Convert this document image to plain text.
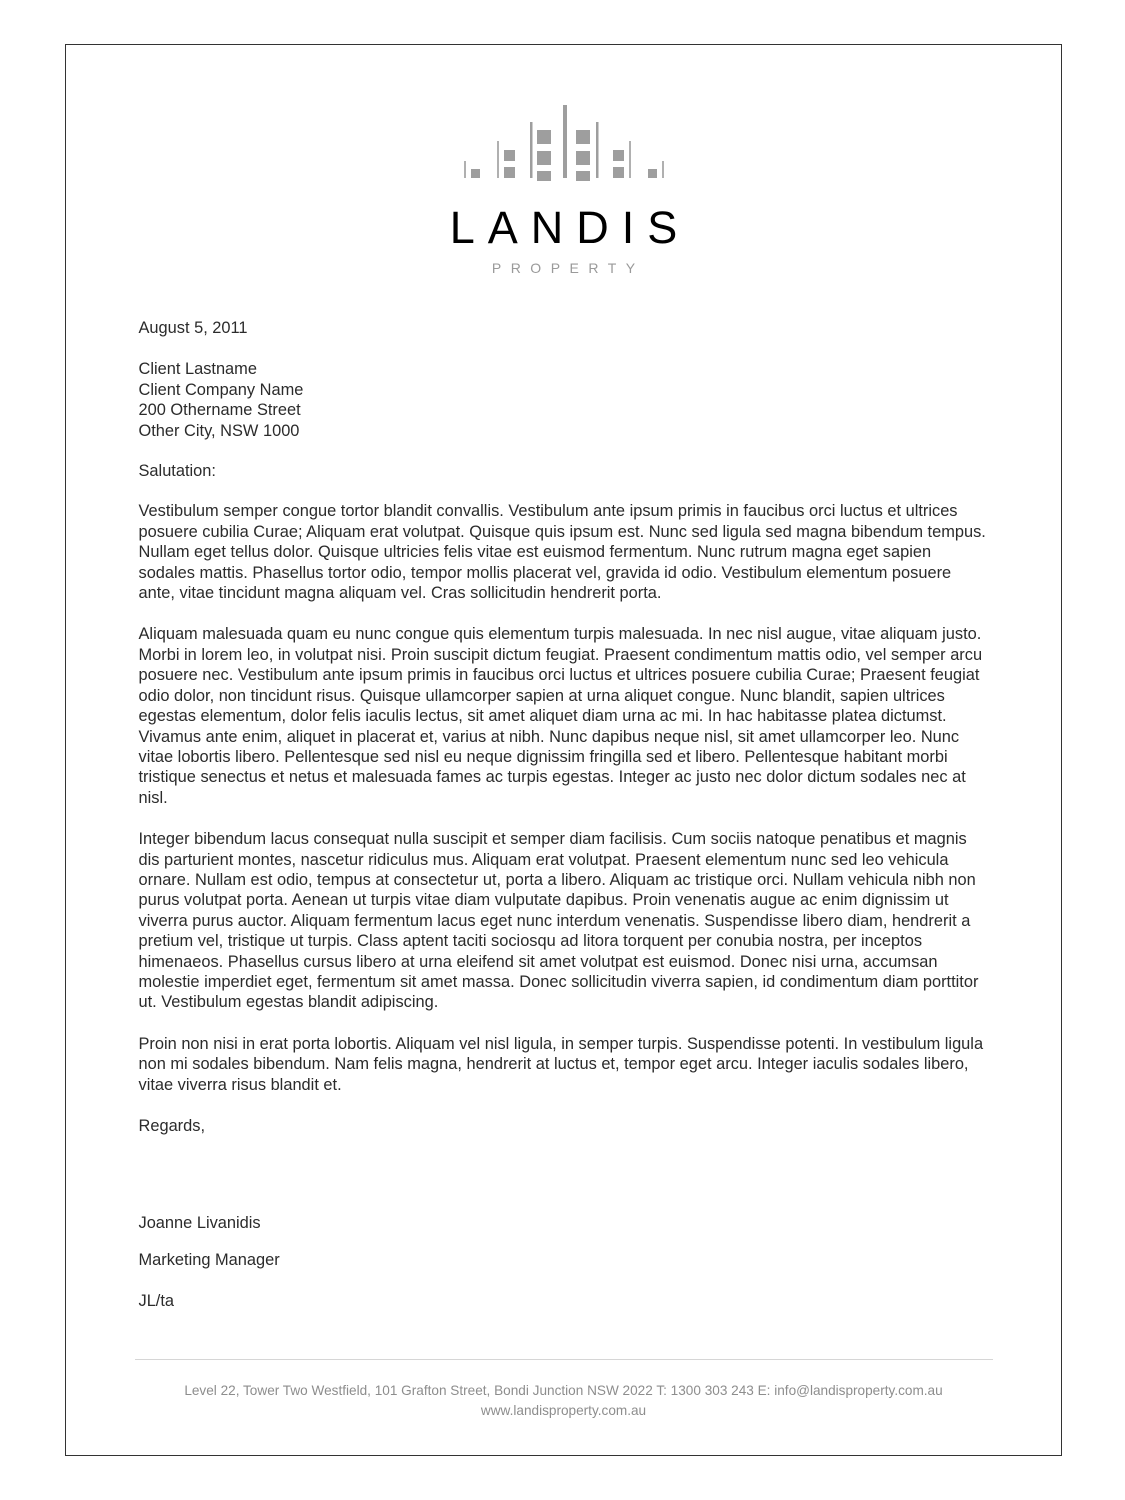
LANDIS
PROPERTY
August 5, 2011

Client Lastname

Client Company Name

200 Othername Street

Other City, NSW 1000

Salutation:

Vestibulum semper congue tortor blandit convallis. Vestibulum ante ipsum primis in faucibus orci luctus et ultrices posuere cubilia Curae; Aliquam erat volutpat. Quisque quis ipsum est. Nunc sed ligula sed magna bibendum tempus. Nullam eget tellus dolor. Quisque ultricies felis vitae est euismod fermentum. Nunc rutrum magna eget sapien sodales mattis. Phasellus tortor odio, tempor mollis placerat vel, gravida id odio. Vestibulum elementum posuere ante, vitae tincidunt magna aliquam vel. Cras sollicitudin hendrerit porta.

Aliquam malesuada quam eu nunc congue quis elementum turpis malesuada. In nec nisl augue, vitae aliquam justo. Morbi in lorem leo, in volutpat nisi. Proin suscipit dictum feugiat. Praesent condimentum mattis odio, vel semper arcu posuere nec. Vestibulum ante ipsum primis in faucibus orci luctus et ultrices posuere cubilia Curae; Praesent feugiat odio dolor, non tincidunt risus. Quisque ullamcorper sapien at urna aliquet congue. Nunc blandit, sapien ultrices egestas elementum, dolor felis iaculis lectus, sit amet aliquet diam urna ac mi. In hac habitasse platea dictumst. Vivamus ante enim, aliquet in placerat et, varius at nibh. Nunc dapibus neque nisl, sit amet ullamcorper leo. Nunc vitae lobortis libero. Pellentesque sed nisl eu neque dignissim fringilla sed et libero. Pellentesque habitant morbi tristique senectus et netus et malesuada fames ac turpis egestas. Integer ac justo nec dolor dictum sodales nec at nisl.

Integer bibendum lacus consequat nulla suscipit et semper diam facilisis. Cum sociis natoque penatibus et magnis dis parturient montes, nascetur ridiculus mus. Aliquam erat volutpat. Praesent elementum nunc sed leo vehicula ornare. Nullam est odio, tempus at consectetur ut, porta a libero. Aliquam ac tristique orci. Nullam vehicula nibh non purus volutpat porta. Aenean ut turpis vitae diam vulputate dapibus. Proin venenatis augue ac enim dignissim ut viverra purus auctor. Aliquam fermentum lacus eget nunc interdum venenatis. Suspendisse libero diam, hendrerit a pretium vel, tristique ut turpis. Class aptent taciti sociosqu ad litora torquent per conubia nostra, per inceptos himenaeos. Phasellus cursus libero at urna eleifend sit amet volutpat est euismod. Donec nisi urna, accumsan molestie imperdiet eget, fermentum sit amet massa. Donec sollicitudin viverra sapien, id condimentum diam porttitor ut. Vestibulum egestas blandit adipiscing.

Proin non nisi in erat porta lobortis. Aliquam vel nisl ligula, in semper turpis. Suspendisse potenti. In vestibulum ligula non mi sodales bibendum. Nam felis magna, hendrerit at luctus et, tempor eget arcu. Integer iaculis sodales libero, vitae viverra risus blandit et.

Regards,

Joanne Livanidis

Marketing Manager

JL/ta
Level 22, Tower Two Westfield, 101 Grafton Street, Bondi Junction NSW 2022 T: 1300 303 243 E: info@landisproperty.com.au
www.landisproperty.com.au
